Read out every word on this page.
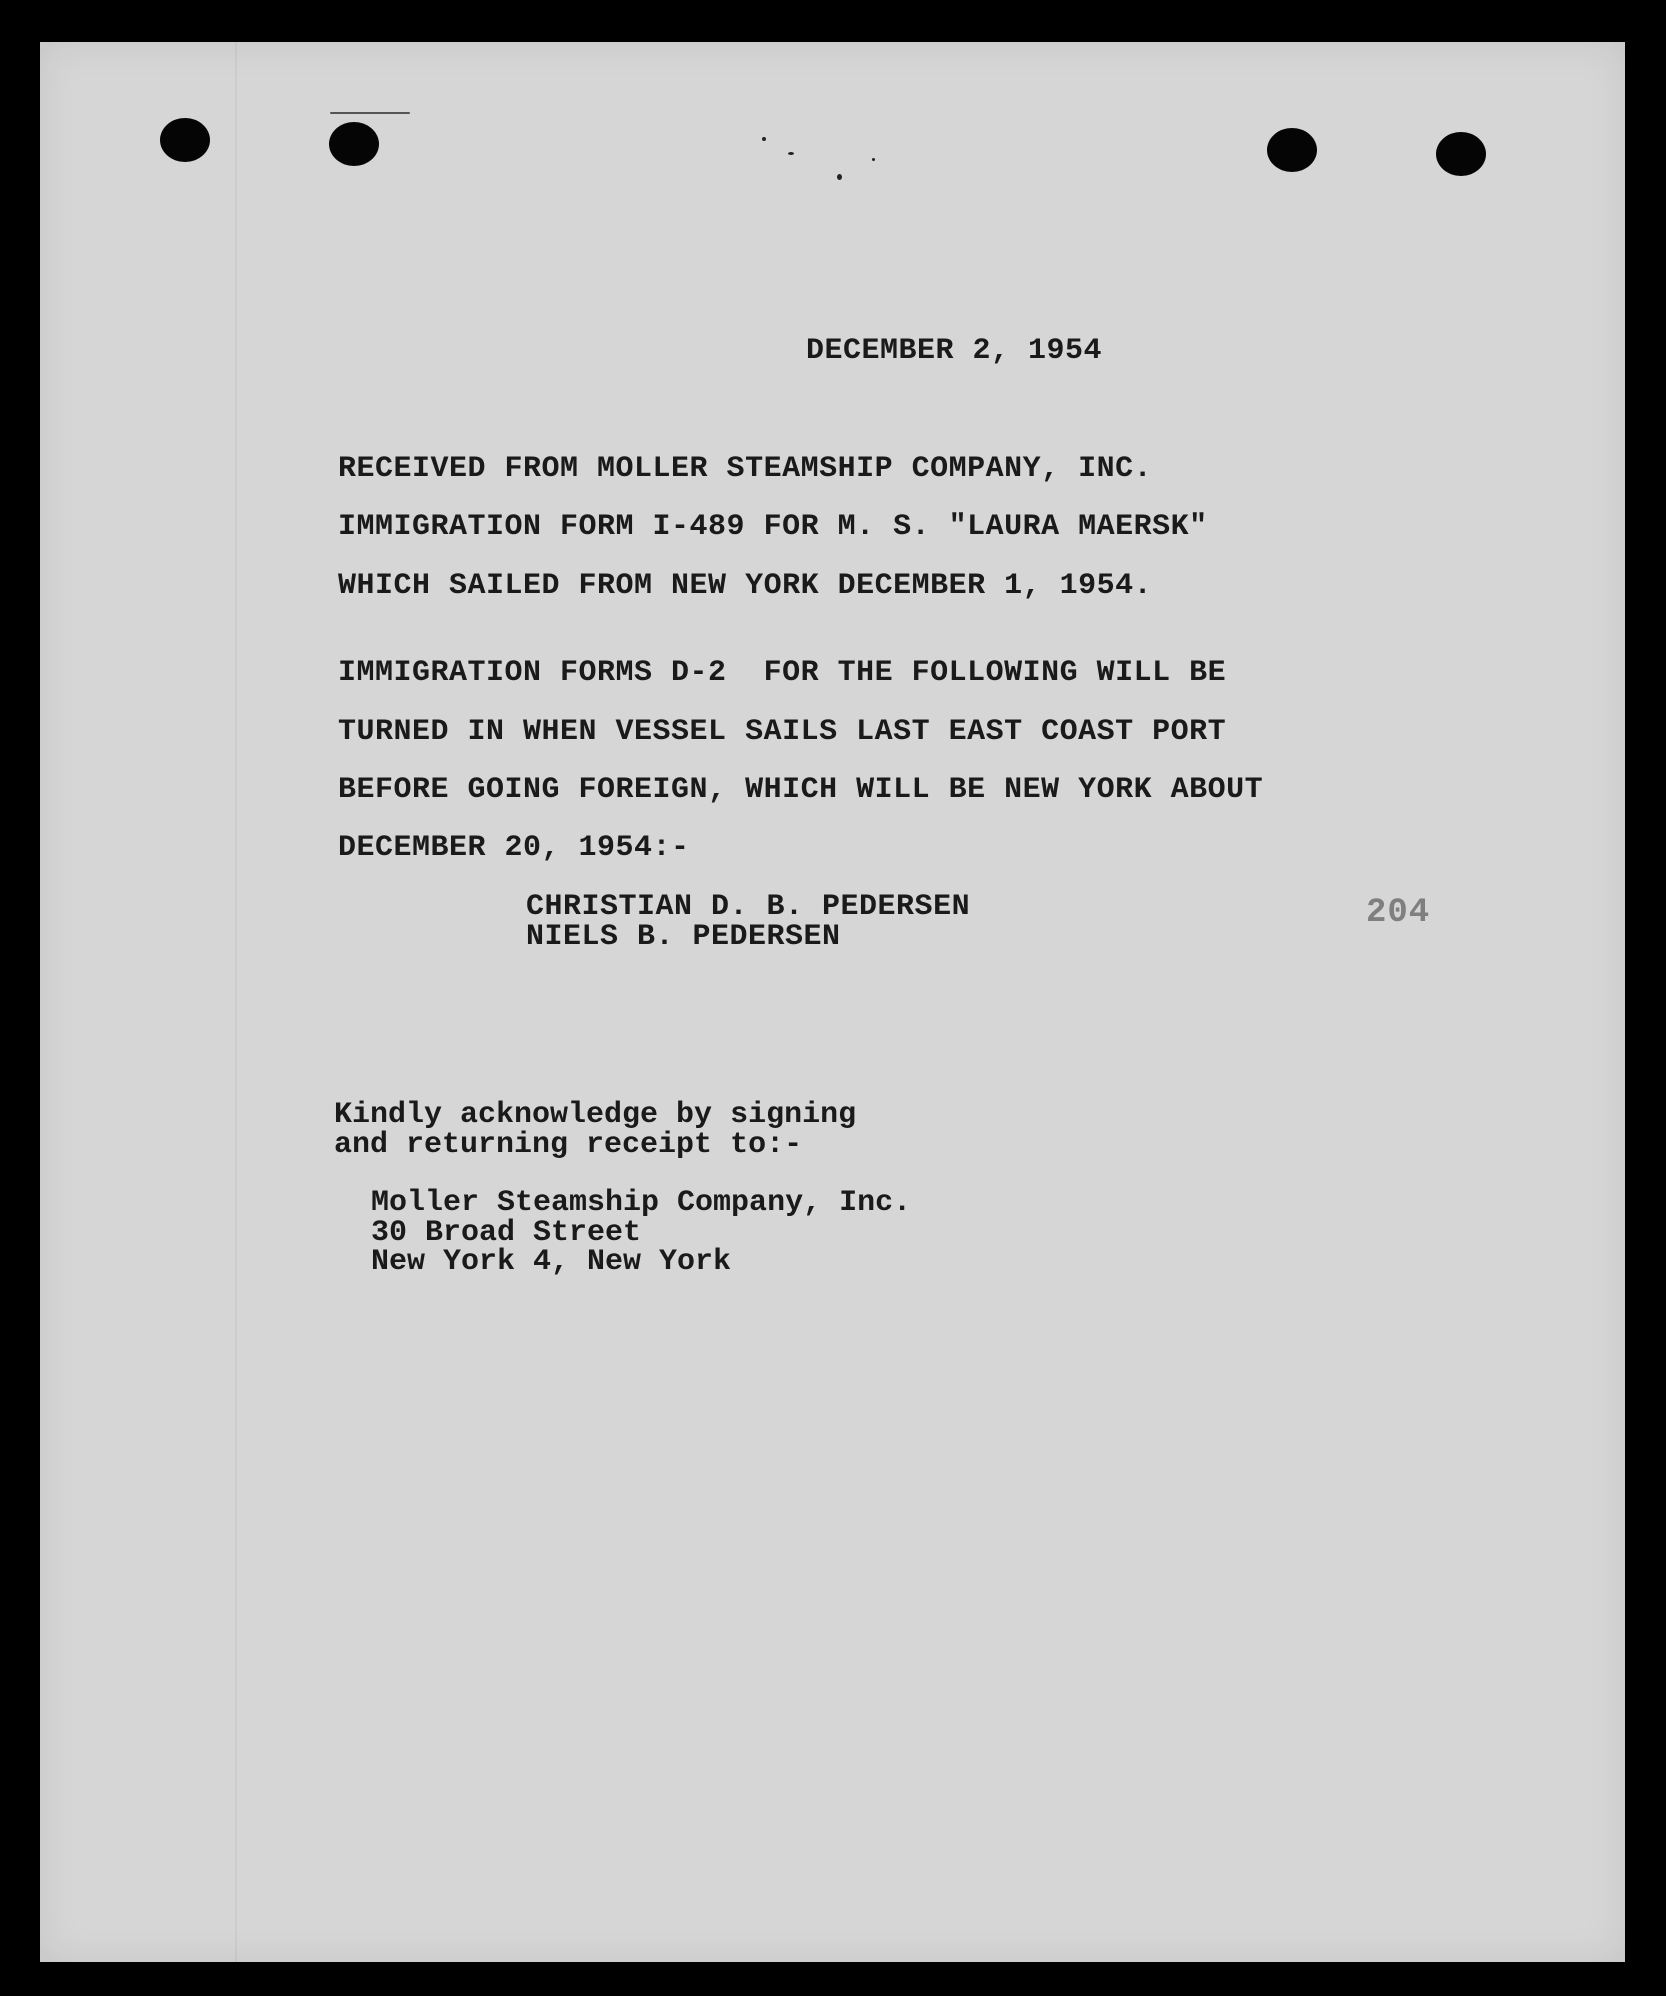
DECEMBER 2, 1954

RECEIVED FROM MOLLER STEAMSHIP COMPANY, INC.

IMMIGRATION FORM I-489 FOR M. S. "LAURA MAERSK"

WHICH SAILED FROM NEW YORK DECEMBER 1, 1954.

IMMIGRATION FORMS D-2  FOR THE FOLLOWING WILL BE

TURNED IN WHEN VESSEL SAILS LAST EAST COAST PORT

BEFORE GOING FOREIGN, WHICH WILL BE NEW YORK ABOUT

DECEMBER 20, 1954:-

CHRISTIAN D. B. PEDERSEN

NIELS B. PEDERSEN

204

Kindly acknowledge by signing

and returning receipt to:-

Moller Steamship Company, Inc.

30 Broad Street

New York 4, New York
